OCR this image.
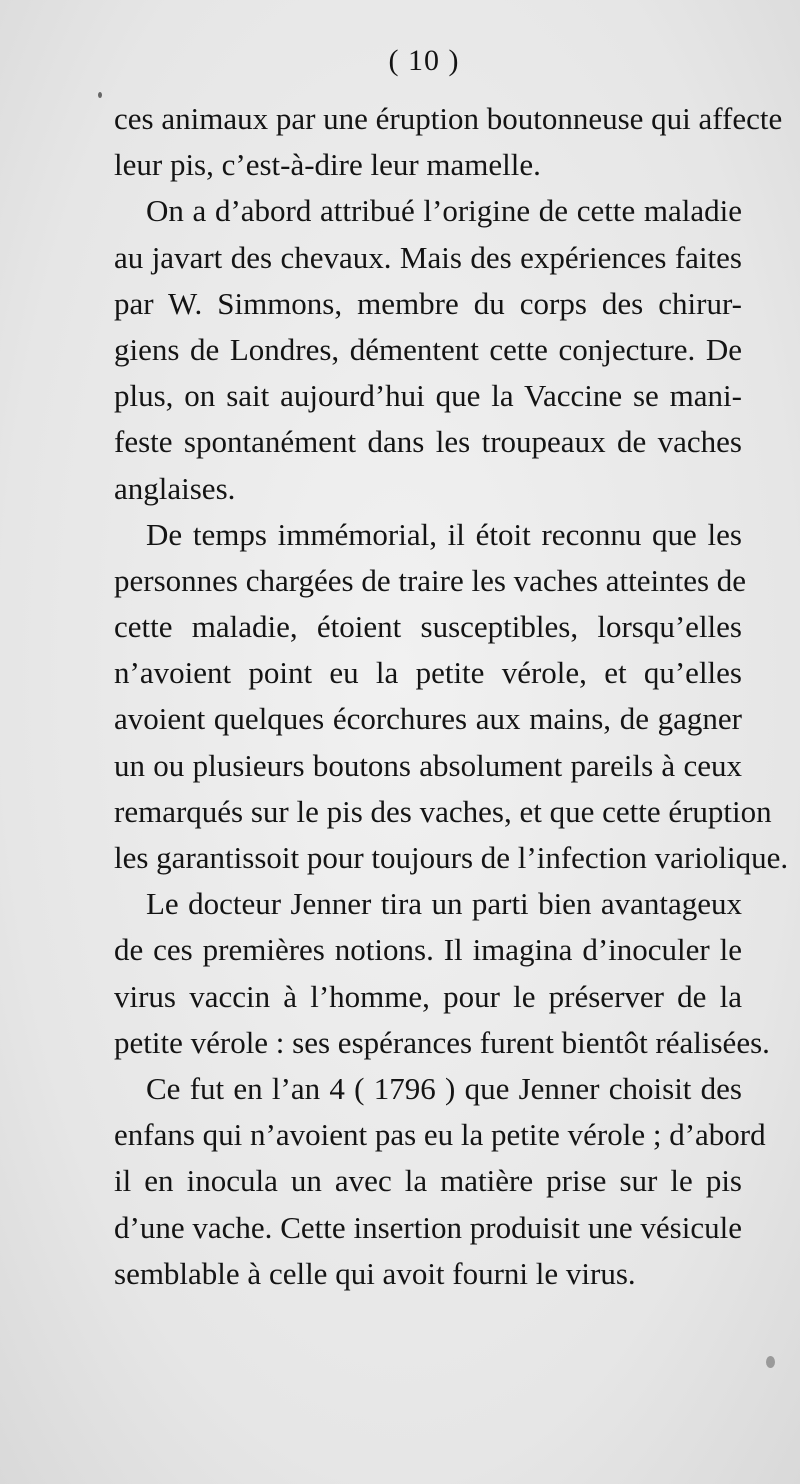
( 10 )
ces animaux par une éruption boutonneuse qui affecte
leur pis, c’est-à-dire leur mamelle.
On a d’abord attribué l’origine de cette maladie
au javart des chevaux. Mais des expériences faites
par W. Simmons, membre du corps des chirur-
giens de Londres, démentent cette conjecture. De
plus, on sait aujourd’hui que la Vaccine se mani-
feste spontanément dans les troupeaux de vaches
anglaises.
De temps immémorial, il étoit reconnu que les
personnes chargées de traire les vaches atteintes de
cette maladie, étoient susceptibles, lorsqu’elles
n’avoient point eu la petite vérole, et qu’elles
avoient quelques écorchures aux mains, de gagner
un ou plusieurs boutons absolument pareils à ceux
remarqués sur le pis des vaches, et que cette éruption
les garantissoit pour toujours de l’infection variolique.
Le docteur Jenner tira un parti bien avantageux
de ces premières notions. Il imagina d’inoculer le
virus vaccin à l’homme, pour le préserver de la
petite vérole : ses espérances furent bientôt réalisées.
Ce fut en l’an 4 ( 1796 ) que Jenner choisit des
enfans qui n’avoient pas eu la petite vérole ; d’abord
il en inocula un avec la matière prise sur le pis
d’une vache. Cette insertion produisit une vésicule
semblable à celle qui avoit fourni le virus.
